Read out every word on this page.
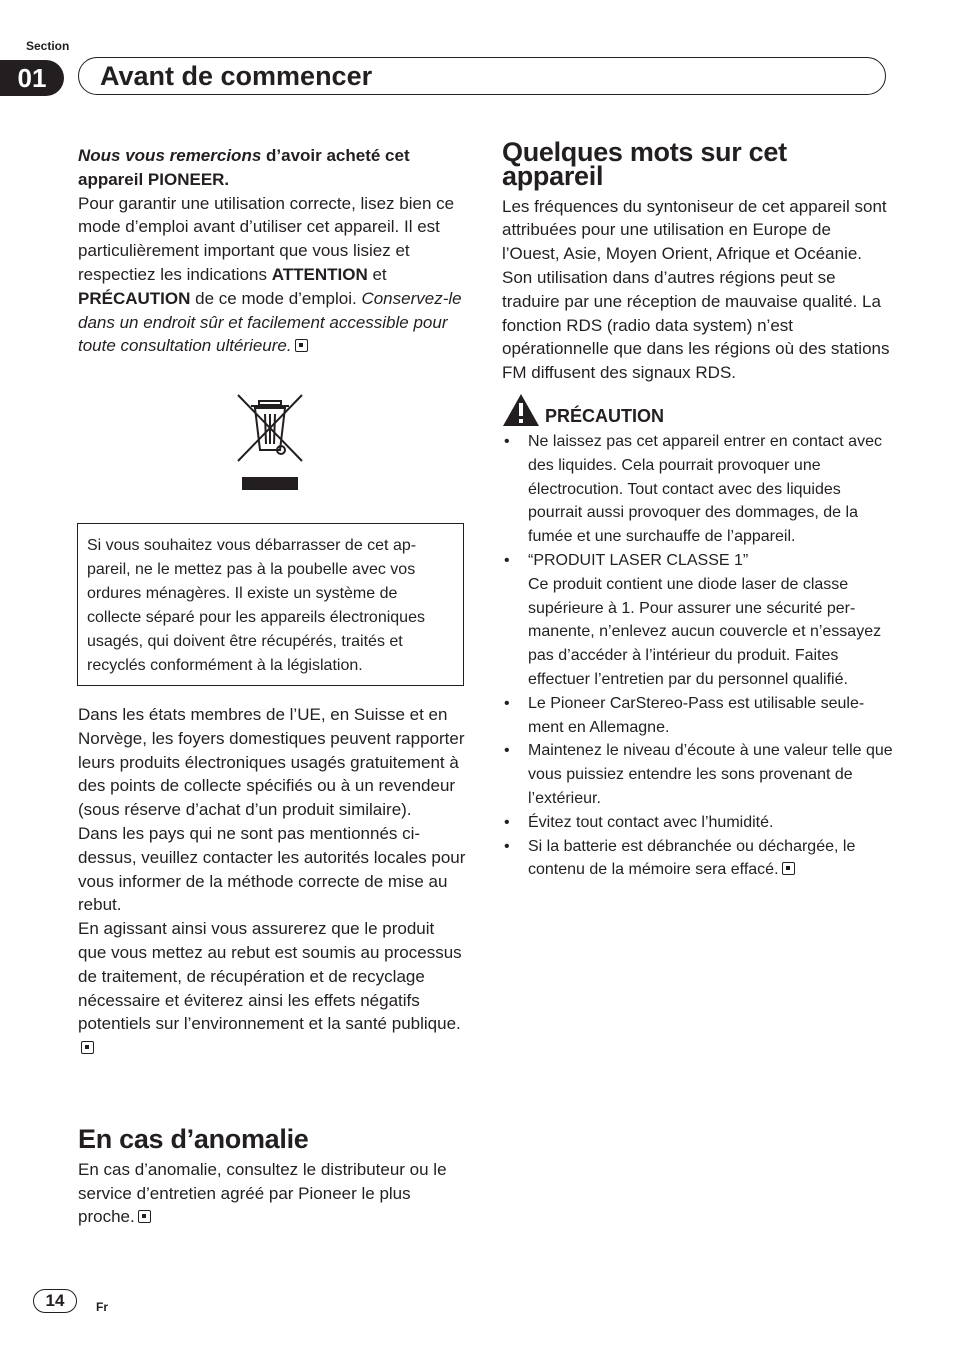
Section
01	Avant de commencer

Nous vous remercions d’avoir acheté cet appareil PIONEER.

Pour garantir une utilisation correcte, lisez bien ce mode d’emploi avant d’utiliser cet appareil. Il est particulièrement important que vous lisiez et respectiez les indications ATTENTION et PRÉCAUTION de ce mode d’emploi. Conservez-le dans un endroit sûr et facilement accessible pour toute consultation ultérieure.

Si vous souhaitez vous débarrasser de cet appareil, ne le mettez pas à la poubelle avec vos ordures ménagères. Il existe un système de collecte séparé pour les appareils électroniques usagés, qui doivent être récupérés, traités et recyclés conformément à la législation.

Dans les états membres de l’UE, en Suisse et en Norvège, les foyers domestiques peuvent rapporter leurs produits électroniques usagés gratuitement à des points de collecte spécifiés ou à un revendeur (sous réserve d’achat d’un produit similaire).

Dans les pays qui ne sont pas mentionnés ci-dessus, veuillez contacter les autorités locales pour vous informer de la méthode correcte de mise au rebut.

En agissant ainsi vous assurerez que le produit que vous mettez au rebut est soumis au processus de traitement, de récupération et de recyclage nécessaire et éviterez ainsi les effets négatifs potentiels sur l’environnement et la santé publique.

En cas d’anomalie

En cas d’anomalie, consultez le distributeur ou le service d’entretien agréé par Pioneer le plus proche.

Quelques mots sur cet appareil

Les fréquences du syntoniseur de cet appareil sont attribuées pour une utilisation en Europe de l’Ouest, Asie, Moyen Orient, Afrique et Océanie. Son utilisation dans d’autres régions peut se traduire par une réception de mauvaise qualité. La fonction RDS (radio data system) n’est opérationnelle que dans les régions où des stations FM diffusent des signaux RDS.

PRÉCAUTION
• Ne laissez pas cet appareil entrer en contact avec des liquides. Cela pourrait provoquer une électrocution. Tout contact avec des liquides pourrait aussi provoquer des dommages, de la fumée et une surchauffe de l’appareil.
• “PRODUIT LASER CLASSE 1”
Ce produit contient une diode laser de classe supérieure à 1. Pour assurer une sécurité permanente, n’enlevez aucun couvercle et n’essayez pas d’accéder à l’intérieur du produit. Faites effectuer l’entretien par du personnel qualifié.
• Le Pioneer CarStereo-Pass est utilisable seulement en Allemagne.
• Maintenez le niveau d’écoute à une valeur telle que vous puissiez entendre les sons provenant de l’extérieur.
• Évitez tout contact avec l’humidité.
• Si la batterie est débranchée ou déchargée, le contenu de la mémoire sera effacé.
14	Fr
